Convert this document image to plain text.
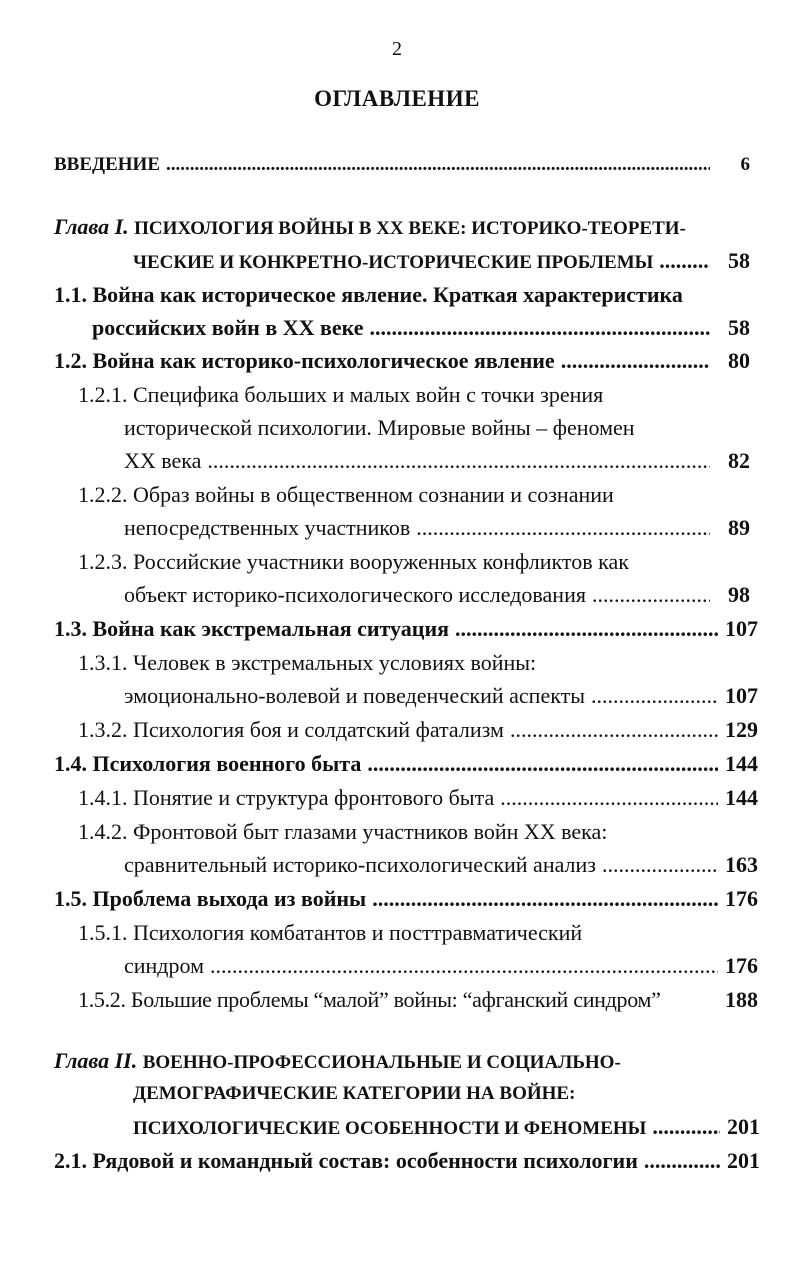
2
ОГЛАВЛЕНИЕ
ВВЕДЕНИЕ .....	6
Глава I. ПСИХОЛОГИЯ ВОЙНЫ В XX ВЕКЕ: ИСТОРИКО-ТЕОРЕТИ-
ЧЕСКИЕ И КОНКРЕТНО-ИСТОРИЧЕСКИЕ ПРОБЛЕМЫ .....	58
1.1. Война как историческое явление. Краткая характеристика
российских войн в XX веке .....	58
1.2. Война как историко-психологическое явление .....	80
1.2.1. Специфика больших и малых войн с точки зрения
исторической психологии. Мировые войны – феномен
XX века .....	82
1.2.2. Образ войны в общественном сознании и сознании
непосредственных участников .....	89
1.2.3. Российские участники вооруженных конфликтов как
объект историко-психологического исследования .....	98
1.3. Война как экстремальная ситуация .....	107
1.3.1. Человек в экстремальных условиях войны:
эмоционально-волевой и поведенческий аспекты .....	107
1.3.2. Психология боя и солдатский фатализм .....	129
1.4. Психология военного быта .....	144
1.4.1. Понятие и структура фронтового быта .....	144
1.4.2. Фронтовой быт глазами участников войн XX века:
сравнительный историко-психологический анализ .....	163
1.5. Проблема выхода из войны .....	176
1.5.1. Психология комбатантов и посттравматический
синдром .....	176
1.5.2. Большие проблемы “малой” войны: “афганский синдром”	188
Глава II. ВОЕННО-ПРОФЕССИОНАЛЬНЫЕ И СОЦИАЛЬНО-
ДЕМОГРАФИЧЕСКИЕ КАТЕГОРИИ НА ВОЙНЕ:
ПСИХОЛОГИЧЕСКИЕ ОСОБЕННОСТИ И ФЕНОМЕНЫ .....	201
2.1. Рядовой и командный состав: особенности психологии .....	201
